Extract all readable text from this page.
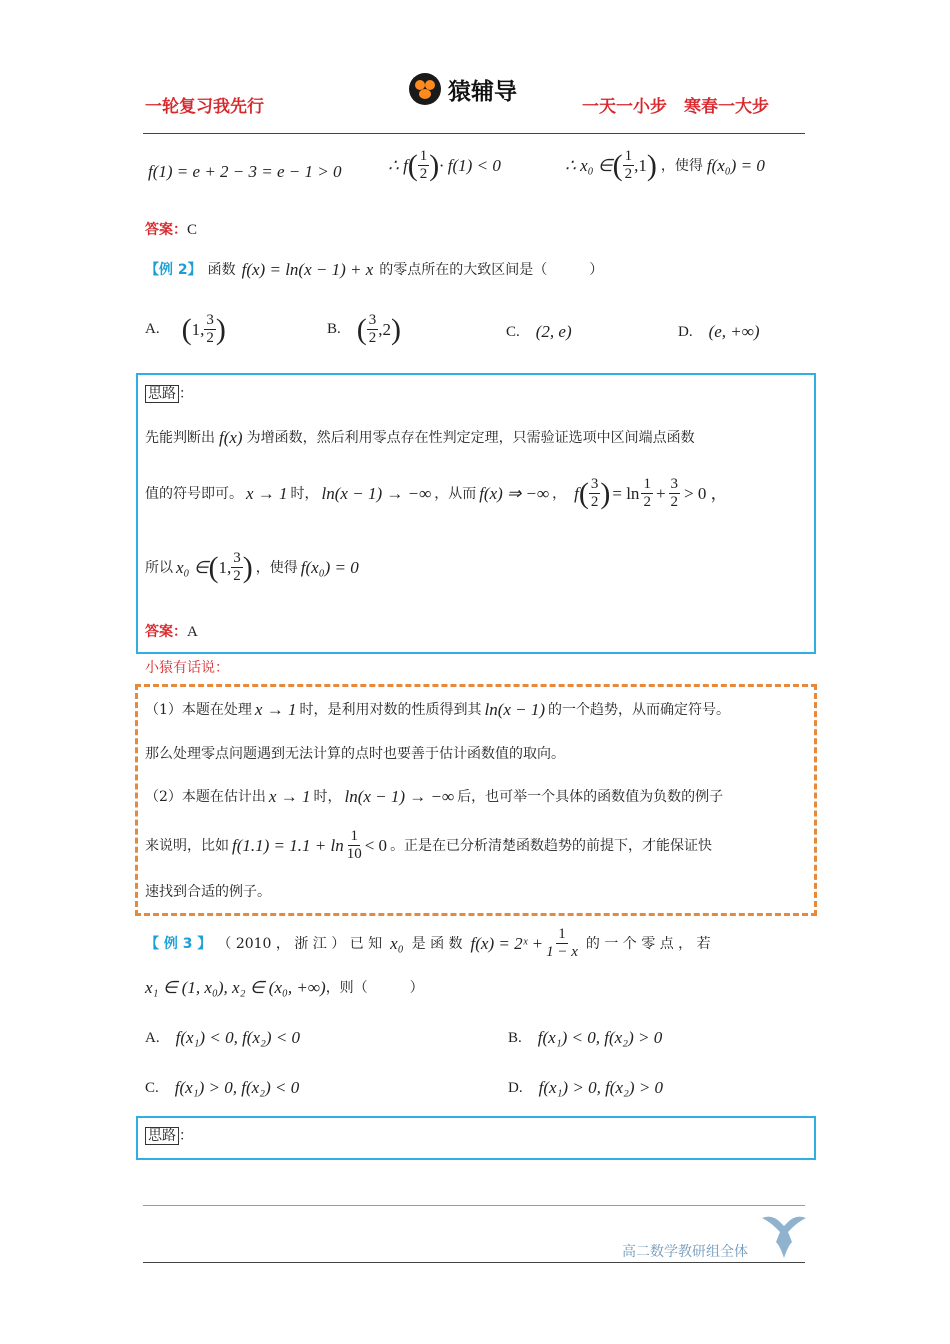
一轮复习我先行
猿辅导
一天一小步　寒春一大步
f(1) = e + 2 − 3 = e − 1 > 0	∴ f ( $\frac{1}{2}$ ) · f(1) < 0	∴ x₀ ∈ ( $\frac{1}{2} ,1$ ) ，使得 f(x₀) = 0
答案：C
【例 2】 函数 f(x) = ln(x − 1) + x 的零点所在的大致区间是（　　　）
A. ( 1, $\frac{3}{2}$ )	B. ( $\frac{3}{2} ,2$ )	C. (2, e)	D. (e, +∞)
思路 ：
先能判断出 f(x) 为增函数，然后利用零点存在性判定定理，只需验证选项中区间端点函数
值的符号即可。 x → 1 时， ln(x − 1) → −∞ ，从而 f(x) ⇒ −∞ ， f ( $\frac{3}{2}$ ) = $\ln \frac{1}{2} + \frac{3}{2} > 0$ ，
所以 x₀ ∈ ( 1, $\frac{3}{2}$ ) ，使得 f(x₀) = 0
答案：A
小猿有话说：
（1）本题在处理 x → 1 时，是利用对数的性质得到其 ln(x − 1) 的一个趋势，从而确定符号。
那么处理零点问题遇到无法计算的点时也要善于估计函数值的取向。
（2）本题在估计出 x → 1 时， ln(x − 1) → −∞ 后，也可举一个具体的函数值为负数的例子
来说明，比如 $f(1.1) = 1.1 + \ln \frac{1}{10} < 0$ 。正是在已分析清楚函数趋势的前提下，才能保证快
速找到合适的例子。
【 例 3 】 （ 2010 ， 浙 江 ） 已 知 x₀ 是 函 数 f(x) = 2ˣ + $\frac{1}{1 - x}$ 的 一 个 零 点 ， 若
x₁ ∈ (1, x₀), x₂ ∈ (x₀, +∞) ，则（　　　）
A. f(x₁) < 0, f(x₂) < 0	B. f(x₁) < 0, f(x₂) > 0
C. f(x₁) > 0, f(x₂) < 0	D. f(x₁) > 0, f(x₂) > 0
思路 ：
高二数学教研组全体
